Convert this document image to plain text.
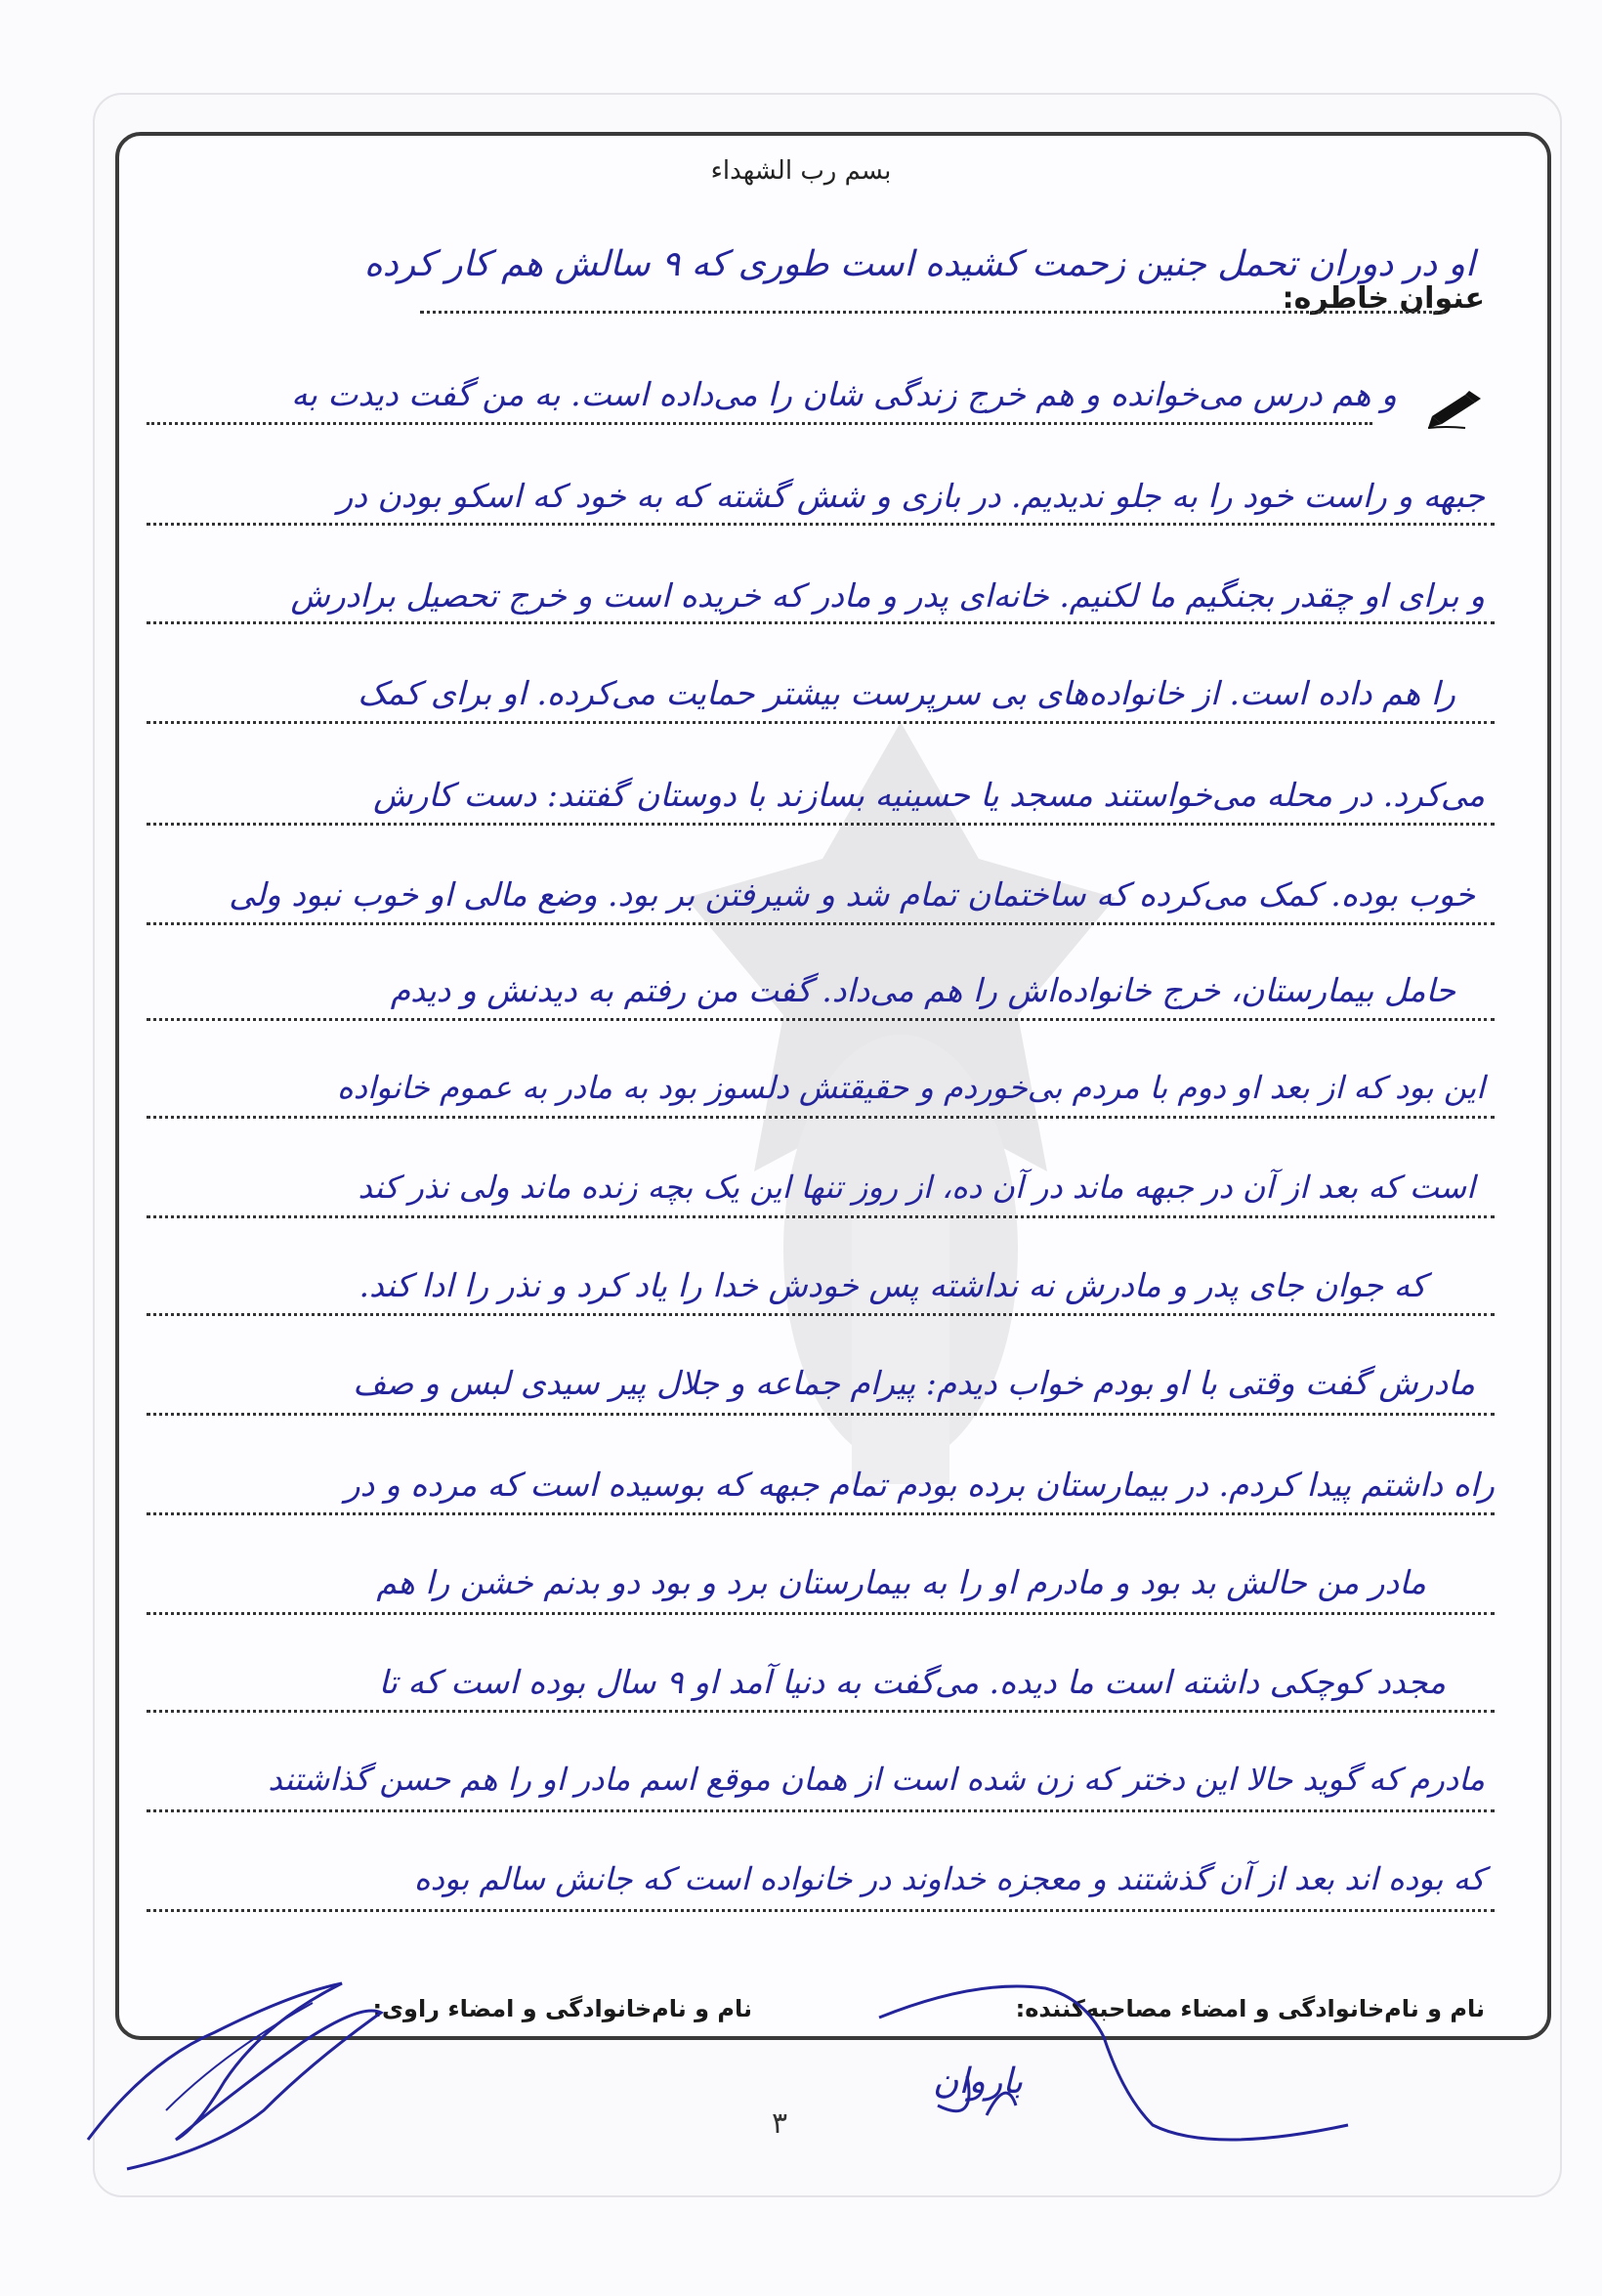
بسم رب الشهداء
عنوان خاطره:
او در دوران تحمل جنین زحمت کشیده است طوری که ۹ سالش هم کار کرده
و هم درس می‌خوانده و هم خرج زندگی شان را می‌داده است. به من گفت دیدت به
جبهه و راست خود را به جلو ندیدیم. در بازی و شش گشته که به خود که اسکو بودن در
و برای او چقدر بجنگیم ما لکنیم. خانه‌ای پدر و مادر که خریده است و خرج تحصیل برادرش
را هم داده است. از خانواده‌های بی سرپرست بیشتر حمایت می‌کرده. او برای کمک
می‌کرد. در محله می‌خواستند مسجد یا حسینیه بسازند با دوستان گفتند: دست کارش
خوب بوده. کمک می‌کرده که ساختمان تمام شد و شیرفتن بر بود. وضع مالی او خوب نبود ولی
حامل بیمارستان، خرج خانواده‌اش را هم می‌داد. گفت من رفتم به دیدنش و دیدم
این بود که از بعد او دوم با مردم بی‌خوردم و حقیقتش دلسوز بود به مادر به عموم خانواده
است که بعد از آن در جبهه ماند در آن ده، از روز تنها این یک بچه زنده ماند ولی نذر کند
که جوان جای پدر و مادرش نه نداشته پس خودش خدا را یاد کرد و نذر را ادا کند.
مادرش گفت وقتی با او بودم خواب دیدم: پیرام جماعه و جلال پیر سیدی لبس و صف
راه داشتم پیدا کردم. در بیمارستان برده بودم تمام جبهه که بوسیده است که مرده و در
مادر من حالش بد بود و مادرم او را به بیمارستان برد و بود دو بدنم خشن را هم
مجدد کوچکی داشته است ما دیده. می‌گفت به دنیا آمد او ۹ سال بوده است که تا
مادرم که گوید حالا این دختر که زن شده است از همان موقع اسم مادر او را هم حسن گذاشتند
که بوده اند بعد از آن گذشتند و معجزه خداوند در خانواده است که جانش سالم بوده
نام و نام‌خانوادگی و امضاء مصاحبه‌کننده:
نام و نام‌خانوادگی و امضاء راوی:
باروان
۳
